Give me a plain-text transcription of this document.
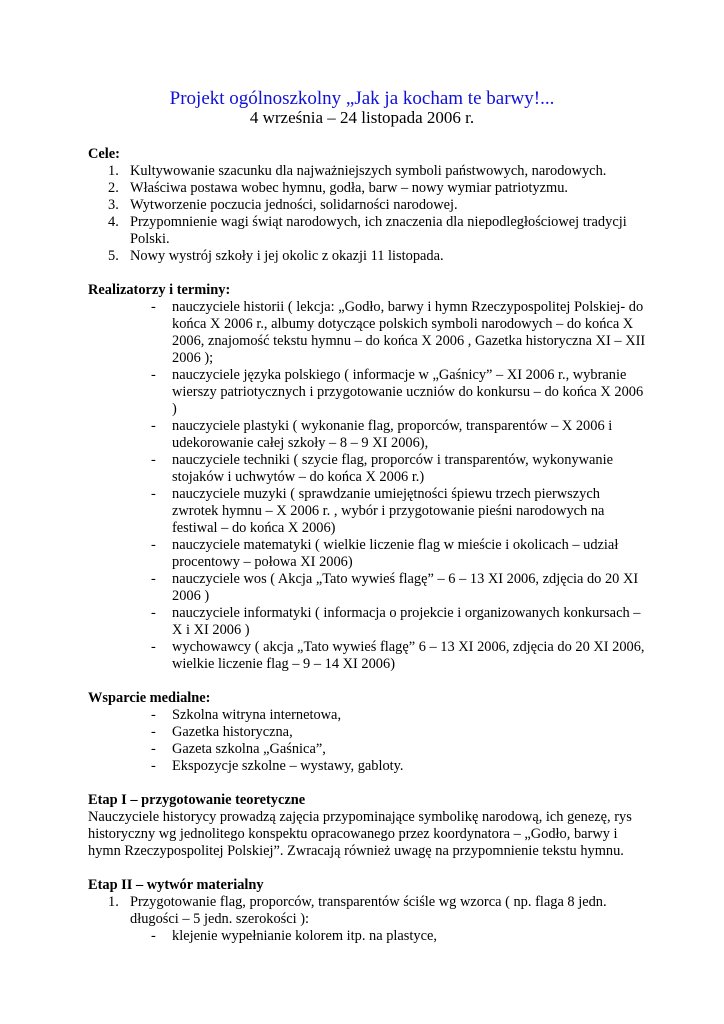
Projekt ogólnoszkolny „Jak ja kocham te barwy!...
4 września – 24 listopada 2006 r.

Cele:

1. Kultywowanie szacunku dla najważniejszych symboli państwowych, narodowych.
2. Właściwa postawa wobec hymnu, godła, barw – nowy wymiar patriotyzmu.
3. Wytworzenie poczucia jedności, solidarności narodowej.
4. Przypomnienie wagi świąt narodowych, ich znaczenia dla niepodległościowej tradycji Polski.
5. Nowy wystrój szkoły i jej okolic z okazji 11 listopada.

Realizatorzy i terminy:

- nauczyciele historii ( lekcja: „Godło, barwy i hymn Rzeczypospolitej Polskiej- do końca X 2006 r., albumy dotyczące polskich symboli narodowych – do końca X 2006, znajomość tekstu hymnu – do końca X 2006 , Gazetka historyczna XI – XII 2006 );
- nauczyciele języka polskiego ( informacje w „Gaśnicy” – XI 2006 r., wybranie wierszy patriotycznych i przygotowanie uczniów do konkursu – do końca X 2006 )
- nauczyciele plastyki ( wykonanie flag, proporców, transparentów – X 2006 i udekorowanie całej szkoły – 8 – 9 XI 2006),
- nauczyciele techniki ( szycie flag, proporców i transparentów, wykonywanie stojaków i uchwytów – do końca X 2006 r.)
- nauczyciele muzyki ( sprawdzanie umiejętności śpiewu trzech pierwszych zwrotek hymnu – X 2006 r. , wybór i przygotowanie pieśni narodowych na festiwal – do końca X 2006)
- nauczyciele matematyki ( wielkie liczenie flag w mieście i okolicach – udział procentowy – połowa XI 2006)
- nauczyciele wos ( Akcja „Tato wywieś flagę” – 6 – 13 XI 2006, zdjęcia do 20 XI 2006 )
- nauczyciele informatyki ( informacja o projekcie i organizowanych konkursach – X i XI 2006 )
- wychowawcy ( akcja „Tato wywieś flagę” 6 – 13 XI 2006, zdjęcia do 20 XI 2006, wielkie liczenie flag – 9 – 14 XI 2006)

Wsparcie medialne:

- Szkolna witryna internetowa,
- Gazetka historyczna,
- Gazeta szkolna „Gaśnica”,
- Ekspozycje szkolne – wystawy, gabloty.

Etap I – przygotowanie teoretyczne

Nauczyciele historycy prowadzą zajęcia przypominające symbolikę narodową, ich genezę, rys historyczny wg jednolitego konspektu opracowanego przez koordynatora – „Godło, barwy i hymn Rzeczypospolitej Polskiej”. Zwracają również uwagę na przypomnienie tekstu hymnu.

Etap II – wytwór materialny

1. Przygotowanie flag, proporców, transparentów ściśle wg wzorca ( np. flaga 8 jedn. długości – 5 jedn. szerokości ):
- klejenie wypełnianie kolorem itp. na plastyce,
